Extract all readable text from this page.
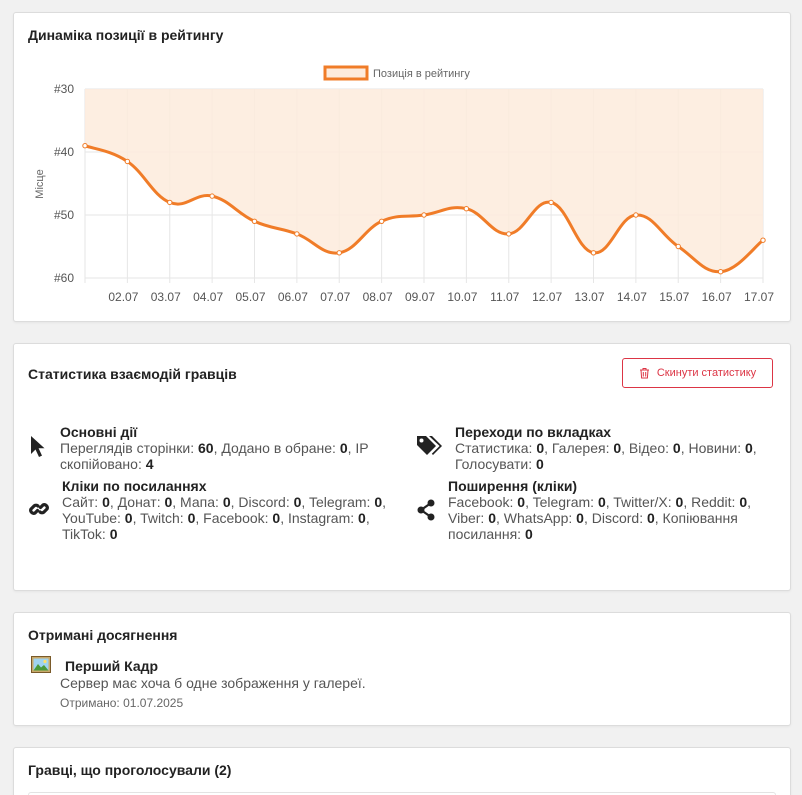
Динаміка позиції в рейтингу
#30
#40
#50
#60
02.07 03.07 04.07 05.07 06.07 07.07 08.07 09.07 10.07 11.07 12.07 13.07 14.07 15.07 16.07 17.07
Позиція в рейтингу
Місце
Статистика взаємодій гравців	Скинути статистику
Основні дії
Переглядів сторінки: 60, Додано в обране: 0, IP скопійовано: 4
Переходи по вкладках
Статистика: 0, Галерея: 0, Відео: 0, Новини: 0, Голосувати: 0
Кліки по посиланнях
Сайт: 0, Донат: 0, Мапа: 0, Discord: 0, Telegram: 0, YouTube: 0, Twitch: 0, Facebook: 0, Instagram: 0, TikTok: 0
Поширення (кліки)
Facebook: 0, Telegram: 0, Twitter/X: 0, Reddit: 0, Viber: 0, WhatsApp: 0, Discord: 0, Копіювання посилання: 0
Отримані досягнення
Перший Кадр
Сервер має хоча б одне зображення у галереї.
Отримано: 01.07.2025
Гравці, що проголосували (2)
